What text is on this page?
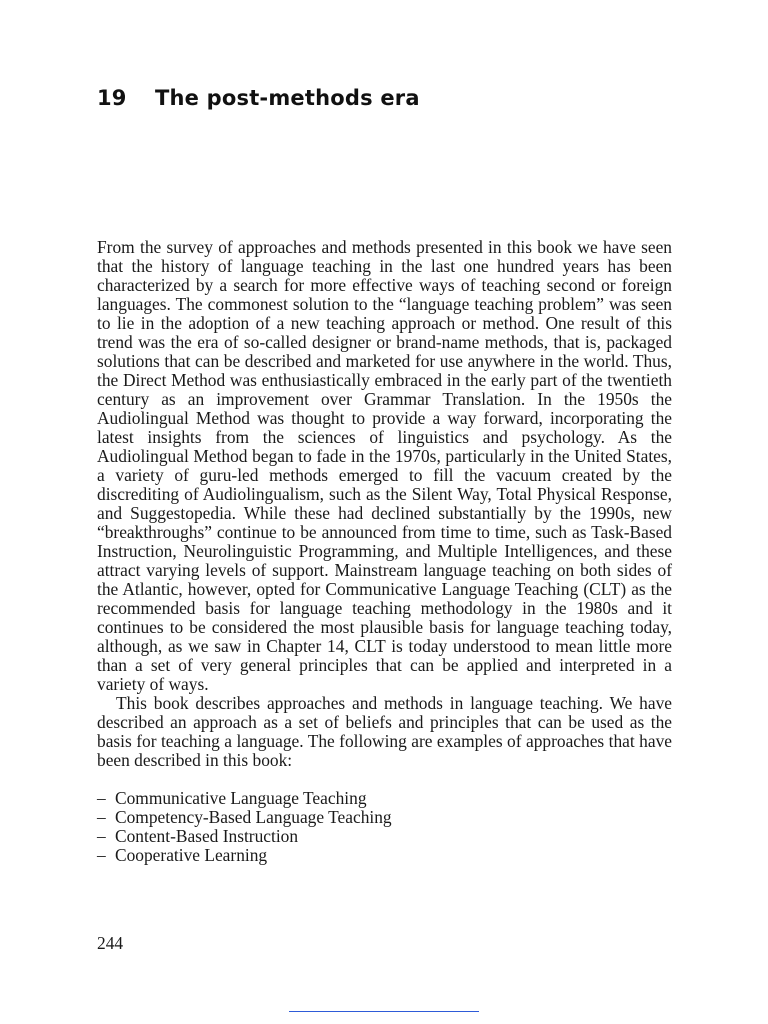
19 The post-methods era

From the survey of approaches and methods presented in this book we have seen that the history of language teaching in the last one hundred years has been characterized by a search for more effective ways of teaching second or foreign languages. The commonest solution to the “language teaching problem” was seen to lie in the adoption of a new teaching approach or method. One result of this trend was the era of so-called designer or brand-name methods, that is, packaged solutions that can be described and marketed for use anywhere in the world. Thus, the Direct Method was enthusiastically embraced in the early part of the twentieth century as an improvement over Grammar Translation. In the 1950s the Audiolingual Method was thought to provide a way forward, incorporating the latest insights from the sciences of linguistics and psychology. As the Audiolingual Method began to fade in the 1970s, particularly in the United States, a variety of guru-led methods emerged to fill the vacuum created by the discrediting of Audiolingualism, such as the Silent Way, Total Physical Response, and Suggestopedia. While these had declined substantially by the 1990s, new “breakthroughs” continue to be announced from time to time, such as Task-Based Instruction, Neurolinguistic Programming, and Multiple Intelligences, and these attract varying levels of support. Mainstream language teaching on both sides of the Atlantic, however, opted for Communicative Language Teaching (CLT) as the recommended basis for language teaching methodology in the 1980s and it continues to be considered the most plausible basis for language teaching today, although, as we saw in Chapter 14, CLT is today understood to mean little more than a set of very general principles that can be applied and interpreted in a variety of ways.

This book describes approaches and methods in language teaching. We have described an approach as a set of beliefs and principles that can be used as the basis for teaching a language. The following are examples of approaches that have been described in this book:

– Communicative Language Teaching
– Competency-Based Language Teaching
– Content-Based Instruction
– Cooperative Learning
244
